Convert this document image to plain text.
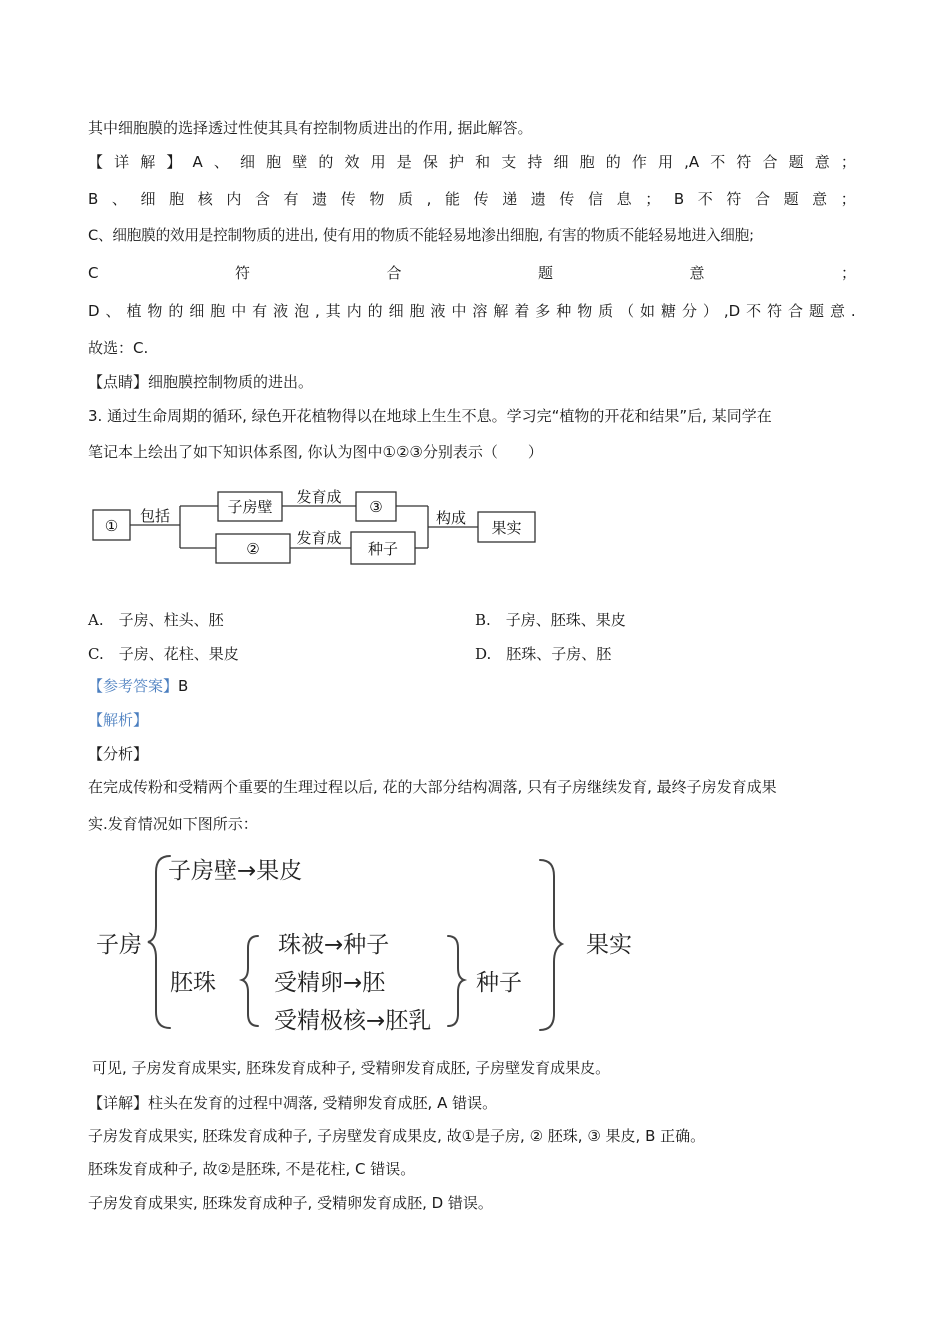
其中细胞膜的选择透过性使其具有控制物质进出的作用, 据此解答。
【 详 解 】 A 、 细 胞 壁 的 效 用 是 保 护 和 支 持 细 胞 的 作 用 ,A 不 符 合 题 意 ；
B 、 细 胞 核 内 含 有 遗 传 物 质 , 能 传 递 遗 传 信 息 ； B 不 符 合 题 意 ；
C、细胞膜的效用是控制物质的进出, 使有用的物质不能轻易地渗出细胞, 有害的物质不能轻易地进入细胞;
C	符	合	题	意	；
D 、 植 物 的 细 胞 中 有 液 泡 , 其 内 的 细 胞 液 中 溶 解 着 多 种 物 质 （ 如 糖 分 ） ,D 不 符 合 题 意 .
故选：C.
【点睛】细胞膜控制物质的进出。
3. 通过生命周期的循环, 绿色开花植物得以在地球上生生不息。学习完“植物的开花和结果”后, 某同学在
笔记本上绘出了如下知识体系图, 你认为图中①②③分别表示（　　）
①
包括	子房壁
发育成
③
②
发育成
种子
构成
果实
A.　子房、柱头、胚	B.　子房、胚珠、果皮
C.　子房、花柱、果皮	D.　胚珠、子房、胚
【参考答案】B
【解析】
【分析】
在完成传粉和受精两个重要的生理过程以后, 花的大部分结构凋落, 只有子房继续发育, 最终子房发育成果
实.发育情况如下图所示：
子房
子房壁→果皮
胚珠
珠被→种子
受精卵→胚
受精极核→胚乳
种子
果实
可见, 子房发育成果实, 胚珠发育成种子, 受精卵发育成胚, 子房壁发育成果皮。
【详解】柱头在发育的过程中凋落, 受精卵发育成胚, A 错误。
子房发育成果实, 胚珠发育成种子, 子房壁发育成果皮, 故①是子房, ② 胚珠, ③ 果皮, B 正确。
胚珠发育成种子, 故②是胚珠, 不是花柱, C 错误。
子房发育成果实, 胚珠发育成种子, 受精卵发育成胚, D 错误。
